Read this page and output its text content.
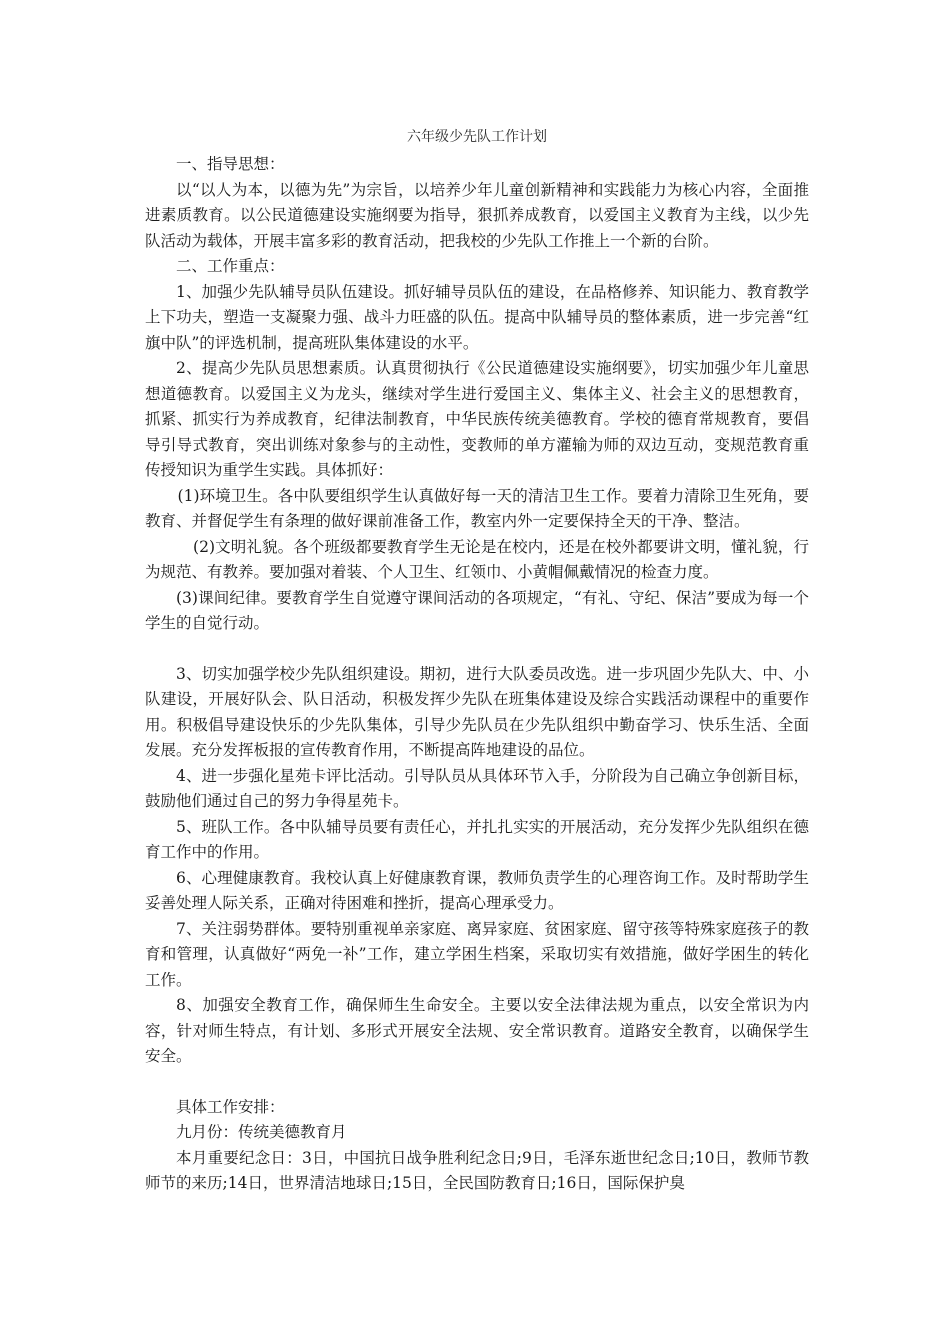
六年级少先队工作计划

一、指导思想：

以“以人为本，以德为先”为宗旨，以培养少年儿童创新精神和实践能力为核心内容，全面推进素质教育。以公民道德建设实施纲要为指导，狠抓养成教育，以爱国主义教育为主线，以少先队活动为载体，开展丰富多彩的教育活动，把我校的少先队工作推上一个新的台阶。

二、工作重点：

1、加强少先队辅导员队伍建设。抓好辅导员队伍的建设，在品格修养、知识能力、教育教学上下功夫，塑造一支凝聚力强、战斗力旺盛的队伍。提高中队辅导员的整体素质，进一步完善“红旗中队”的评选机制，提高班队集体建设的水平。

2、提高少先队员思想素质。认真贯彻执行《公民道德建设实施纲要》，切实加强少年儿童思想道德教育。以爱国主义为龙头，继续对学生进行爱国主义、集体主义、社会主义的思想教育，抓紧、抓实行为养成教育，纪律法制教育，中华民族传统美德教育。学校的德育常规教育，要倡导引导式教育，突出训练对象参与的主动性，变教师的单方灌输为师的双边互动，变规范教育重传授知识为重学生实践。具体抓好：

(1)环境卫生。各中队要组织学生认真做好每一天的清洁卫生工作。要着力清除卫生死角，要教育、并督促学生有条理的做好课前准备工作，教室内外一定要保持全天的干净、整洁。

(2)文明礼貌。各个班级都要教育学生无论是在校内，还是在校外都要讲文明，懂礼貌，行为规范、有教养。要加强对着装、个人卫生、红领巾、小黄帽佩戴情况的检查力度。

(3)课间纪律。要教育学生自觉遵守课间活动的各项规定，“有礼、守纪、保洁”要成为每一个学生的自觉行动。

3、切实加强学校少先队组织建设。期初，进行大队委员改选。进一步巩固少先队大、中、小队建设，开展好队会、队日活动，积极发挥少先队在班集体建设及综合实践活动课程中的重要作用。积极倡导建设快乐的少先队集体，引导少先队员在少先队组织中勤奋学习、快乐生活、全面发展。充分发挥板报的宣传教育作用，不断提高阵地建设的品位。

4、进一步强化星苑卡评比活动。引导队员从具体环节入手，分阶段为自己确立争创新目标，鼓励他们通过自己的努力争得星苑卡。

5、班队工作。各中队辅导员要有责任心，并扎扎实实的开展活动，充分发挥少先队组织在德育工作中的作用。

6、心理健康教育。我校认真上好健康教育课，教师负责学生的心理咨询工作。及时帮助学生妥善处理人际关系，正确对待困难和挫折，提高心理承受力。

7、关注弱势群体。要特别重视单亲家庭、离异家庭、贫困家庭、留守孩等特殊家庭孩子的教育和管理，认真做好“两免一补”工作，建立学困生档案，采取切实有效措施，做好学困生的转化工作。

8、加强安全教育工作，确保师生生命安全。主要以安全法律法规为重点，以安全常识为内容，针对师生特点，有计划、多形式开展安全法规、安全常识教育。道路安全教育，以确保学生安全。

具体工作安排：

九月份：传统美德教育月

本月重要纪念日：3日，中国抗日战争胜利纪念日;9日，毛泽东逝世纪念日;10日，教师节教师节的来历;14日，世界清洁地球日;15日，全民国防教育日;16日，国际保护臭
